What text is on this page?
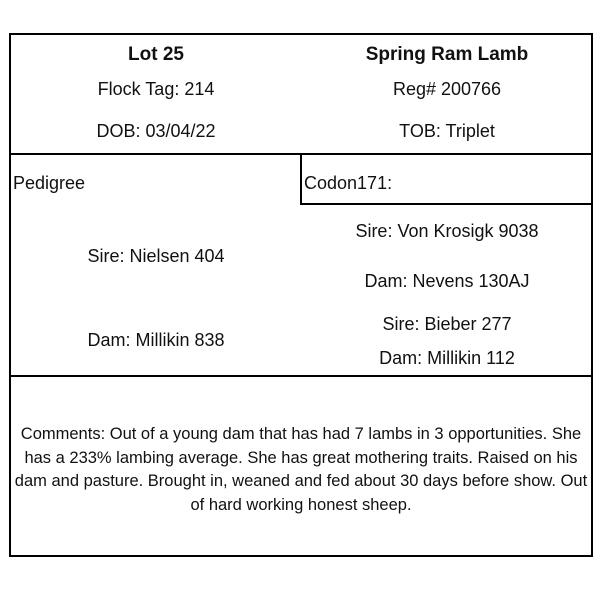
Lot 25	Spring Ram Lamb
Flock Tag: 214	Reg# 200766
DOB: 03/04/22	TOB: Triplet
Pedigree	Codon171:
Sire: Nielsen 404
Dam: Millikin 838
Sire: Von Krosigk 9038
Dam: Nevens 130AJ
Sire: Bieber 277
Dam: Millikin 112
Comments: Out of a young dam that has had 7 lambs in 3 opportunities. She has a 233% lambing average. She has great mothering traits. Raised on his dam and pasture. Brought in, weaned and fed about 30 days before show. Out of hard working honest sheep.
